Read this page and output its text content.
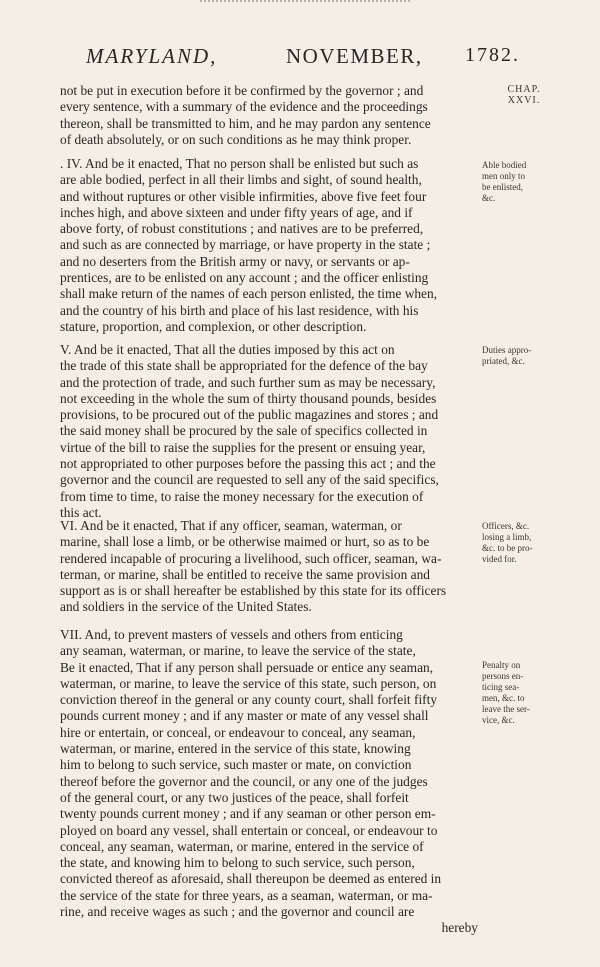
MARYLAND,	NOVEMBER, 1782.
not be put in execution before it be confirmed by the governor ; and
every sentence, with a summary of the evidence and the proceedings
thereon, shall be transmitted to him, and he may pardon any sentence
of death absolutely, or on such conditions as he may think proper.
. IV. And be it enacted, That no person shall be enlisted but such as
are able bodied, perfect in all their limbs and sight, of sound health,
and without ruptures or other visible infirmities, above five feet four
inches high, and above sixteen and under fifty years of age, and if
above forty, of robust constitutions ; and natives are to be preferred,
and such as are connected by marriage, or have property in the state ;
and no deserters from the British army or navy, or servants or ap-
prentices, are to be enlisted on any account ; and the officer enlisting
shall make return of the names of each person enlisted, the time when,
and the country of his birth and place of his last residence, with his
stature, proportion, and complexion, or other description.
V. And be it enacted, That all the duties imposed by this act on
the trade of this state shall be appropriated for the defence of the bay
and the protection of trade, and such further sum as may be necessary,
not exceeding in the whole the sum of thirty thousand pounds, besides
provisions, to be procured out of the public magazines and stores ; and
the said money shall be procured by the sale of specifics collected in
virtue of the bill to raise the supplies for the present or ensuing year,
not appropriated to other purposes before the passing this act ; and the
governor and the council are requested to sell any of the said specifics,
from time to time, to raise the money necessary for the execution of
this act.
VI. And be it enacted, That if any officer, seaman, waterman, or
marine, shall lose a limb, or be otherwise maimed or hurt, so as to be
rendered incapable of procuring a livelihood, such officer, seaman, wa-
terman, or marine, shall be entitled to receive the same provision and
support as is or shall hereafter be established by this state for its officers
and soldiers in the service of the United States.
VII. And, to prevent masters of vessels and others from enticing
any seaman, waterman, or marine, to leave the service of the state,
Be it enacted, That if any person shall persuade or entice any seaman,
waterman, or marine, to leave the service of this state, such person, on
conviction thereof in the general or any county court, shall forfeit fifty
pounds current money ; and if any master or mate of any vessel shall
hire or entertain, or conceal, or endeavour to conceal, any seaman,
waterman, or marine, entered in the service of this state, knowing
him to belong to such service, such master or mate, on conviction
thereof before the governor and the council, or any one of the judges
of the general court, or any two justices of the peace, shall forfeit
twenty pounds current money ; and if any seaman or other person em-
ployed on board any vessel, shall entertain or conceal, or endeavour to
conceal, any seaman, waterman, or marine, entered in the service of
the state, and knowing him to belong to such service, such person,
convicted thereof as aforesaid, shall thereupon be deemed as entered in
the service of the state for three years, as a seaman, waterman, or ma-
rine, and receive wages as such ; and the governor and council are
hereby
CHAP.
XXVI.
Able bodied
men only to
be enlisted,
&c.
Duties appro-
priated, &c.
Officers, &c.
losing a limb,
&c. to be pro-
vided for.
Penalty on
persons en-
ticing sea-
men, &c. to
leave the ser-
vice, &c.
